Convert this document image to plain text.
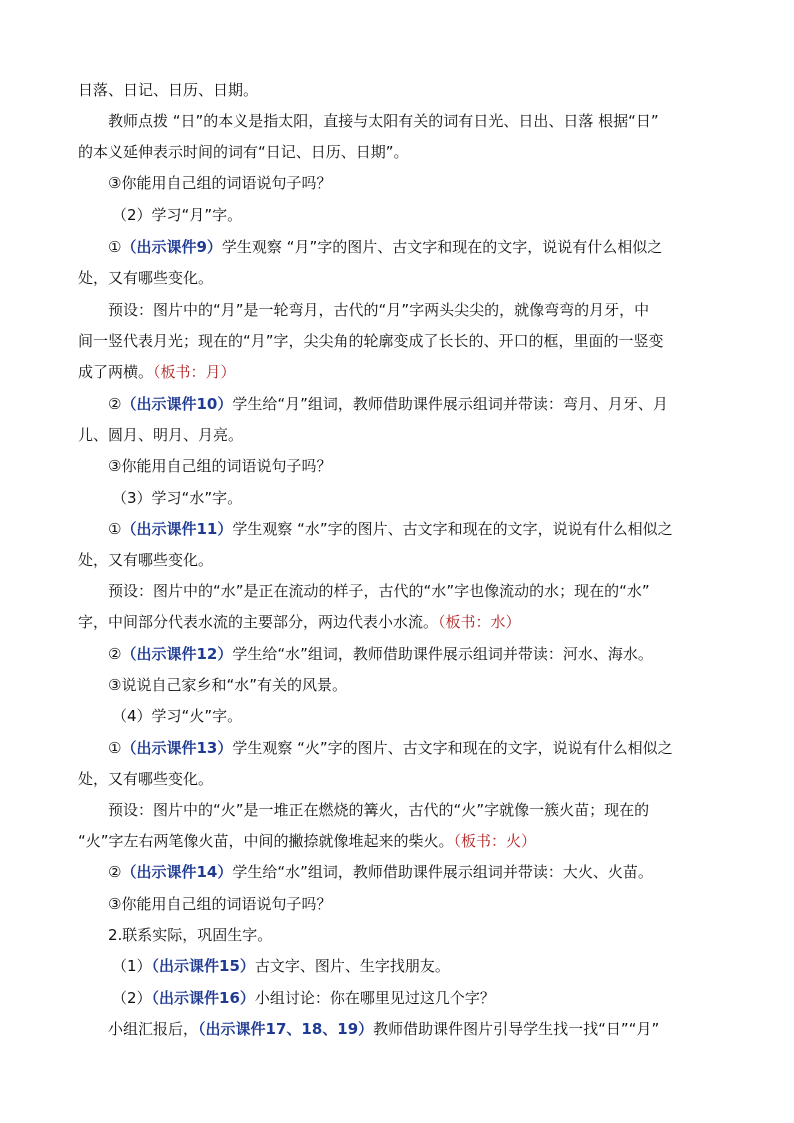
日落、日记、日历、日期。
教师点拨 “日”的本义是指太阳，直接与太阳有关的词有日光、日出、日落 根据“日”
的本义延伸表示时间的词有“日记、日历、日期”。
③你能用自己组的词语说句子吗？
（2）学习“月”字。
①（出示课件9）学生观察 “月”字的图片、古文字和现在的文字，说说有什么相似之
处，又有哪些变化。
预设：图片中的“月”是一轮弯月，古代的“月”字两头尖尖的，就像弯弯的月牙，中
间一竖代表月光；现在的“月”字，尖尖角的轮廓变成了长长的、开口的框，里面的一竖变
成了两横。（板书：月）
②（出示课件10）学生给“月”组词，教师借助课件展示组词并带读：弯月、月牙、月
儿、圆月、明月、月亮。
③你能用自己组的词语说句子吗？
（3）学习“水”字。
①（出示课件11）学生观察 “水”字的图片、古文字和现在的文字，说说有什么相似之
处，又有哪些变化。
预设：图片中的“水”是正在流动的样子，古代的“水”字也像流动的水；现在的“水”
字，中间部分代表水流的主要部分，两边代表小水流。（板书：水）
②（出示课件12）学生给“水”组词，教师借助课件展示组词并带读：河水、海水。
③说说自己家乡和“水”有关的风景。
（4）学习“火”字。
①（出示课件13）学生观察 “火”字的图片、古文字和现在的文字，说说有什么相似之
处，又有哪些变化。
预设：图片中的“火”是一堆正在燃烧的篝火，古代的“火”字就像一簇火苗；现在的
“火”字左右两笔像火苗，中间的撇捺就像堆起来的柴火。（板书：火）
②（出示课件14）学生给“水”组词，教师借助课件展示组词并带读：大火、火苗。
③你能用自己组的词语说句子吗？
2.联系实际，巩固生字。
（1）（出示课件15）古文字、图片、生字找朋友。
（2）（出示课件16）小组讨论：你在哪里见过这几个字？
小组汇报后，（出示课件17、18、19）教师借助课件图片引导学生找一找“日”“月”
